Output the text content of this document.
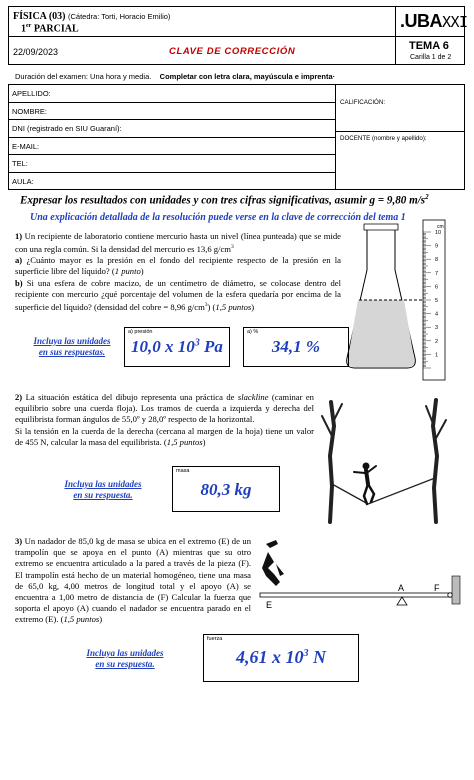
FÍSICA (03) (Cátedra: Torti, Horacio Emilio)
1er PARCIAL	.UBAXXI
22/09/2023	CLAVE DE CORRECCIÓN	TEMA 6
Carilla 1 de 2
Duración del examen: Una hora y media. Completar con letra clara, mayúscula e imprenta·
APELLIDO:
NOMBRE:
DNI (registrado en SIU Guaraní):
E-MAIL:
TEL:
AULA:
CALIFICACIÓN:
DOCENTE (nombre y apellido):
Expresar los resultados con unidades y con tres cifras significativas, asumir g = 9,80 $m/s^2$
Una explicación detallada de la resolución puede verse en la clave de corrección del tema 1

1) Un recipiente de laboratorio contiene mercurio hasta un nivel (línea punteada) que se mide con una regla común. Si la densidad del mercurio es 13,6 $g/cm^3$

a) ¿Cuánto mayor es la presión en el fondo del recipiente respecto de la presión en la superficie libre del líquido? (1 punto)

b) Si una esfera de cobre macizo, de un centímetro de diámetro, se colocase dentro del recipiente con mercurio ¿qué porcentaje del volumen de la esfera quedaría por encima de la superficie del líquido? (densidad del cobre = 8,96 $g/cm^3$) (1,5 puntos)

1
2
3
4
5
6
7
8
9
10
cm
Incluya las unidades
en sus respuestas.
a) presión
10,0 x $10^3$ Pa
a) %
34,1 %

2) La situación estática del dibujo representa una práctica de slackline (caminar en equilibrio sobre una cuerda floja). Los tramos de cuerda a izquierda y derecha del equilibrista forman ángulos de 55,0º y 28,0º respecto de la horizontal.

Si la tensión en la cuerda de la derecha (cercana al margen de la hoja) tiene un valor de 455 N, calcular la masa del equilibrista. (1,5 puntos)

Incluya las unidades
en su respuesta.
masa
80,3 kg

3) Un nadador de 85,0 kg de masa se ubica en el extremo (E) de un trampolín que se apoya en el punto (A) mientras que su otro extremo se encuentra articulado a la pared a través de la pieza (F). El trampolín está hecho de un material homogéneo, tiene una masa de 65,0 kg, 4,00 metros de longitud total y el apoyo (A) se encuentra a 1,00 metro de distancia de (F) Calcular la fuerza que soporta el apoyo (A) cuando el nadador se encuentra parado en el extremo (E). (1,5 puntos)

A	F
E
Incluya las unidades
en su respuesta.
fuerza
4,61 x $10^3$ N
